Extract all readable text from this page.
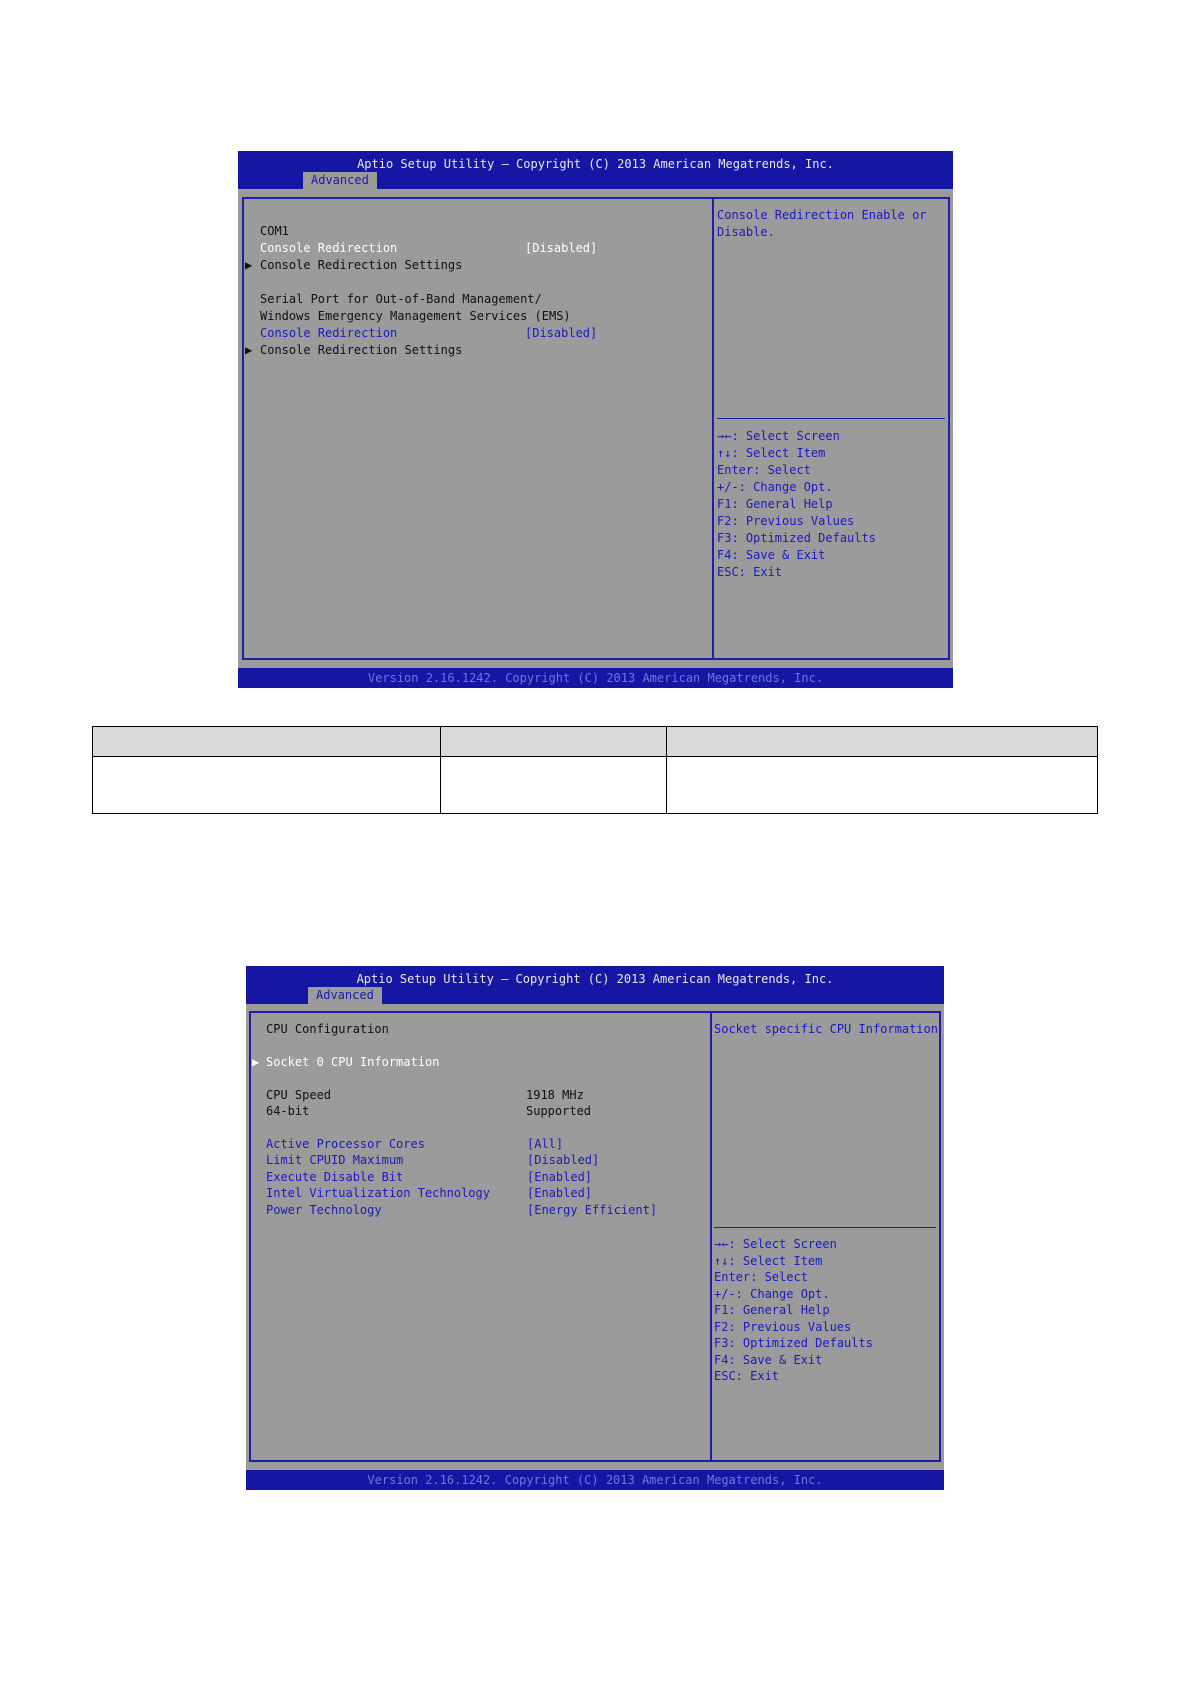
Aptio Setup Utility – Copyright (C) 2013 American Megatrends, Inc.
Advanced
COM1
Console Redirection	[Disabled]
▶ Console Redirection Settings
Serial Port for Out-of-Band Management/
Windows Emergency Management Services (EMS)
Console Redirection	[Disabled]
▶ Console Redirection Settings
Console Redirection Enable or
Disable.
→←: Select Screen
↑↓: Select Item
Enter: Select
+/-: Change Opt.
F1: General Help
F2: Previous Values
F3: Optimized Defaults
F4: Save & Exit
ESC: Exit
Version 2.16.1242. Copyright (C) 2013 American Megatrends, Inc.

Aptio Setup Utility – Copyright (C) 2013 American Megatrends, Inc.
Advanced
CPU Configuration
▶ Socket 0 CPU Information
CPU Speed	1918 MHz
64-bit	Supported
Active Processor Cores	[All]
Limit CPUID Maximum	[Disabled]
Execute Disable Bit	[Enabled]
Intel Virtualization Technology	[Enabled]
Power Technology	[Energy Efficient]
Socket specific CPU Information
→←: Select Screen
↑↓: Select Item
Enter: Select
+/-: Change Opt.
F1: General Help
F2: Previous Values
F3: Optimized Defaults
F4: Save & Exit
ESC: Exit
Version 2.16.1242. Copyright (C) 2013 American Megatrends, Inc.
